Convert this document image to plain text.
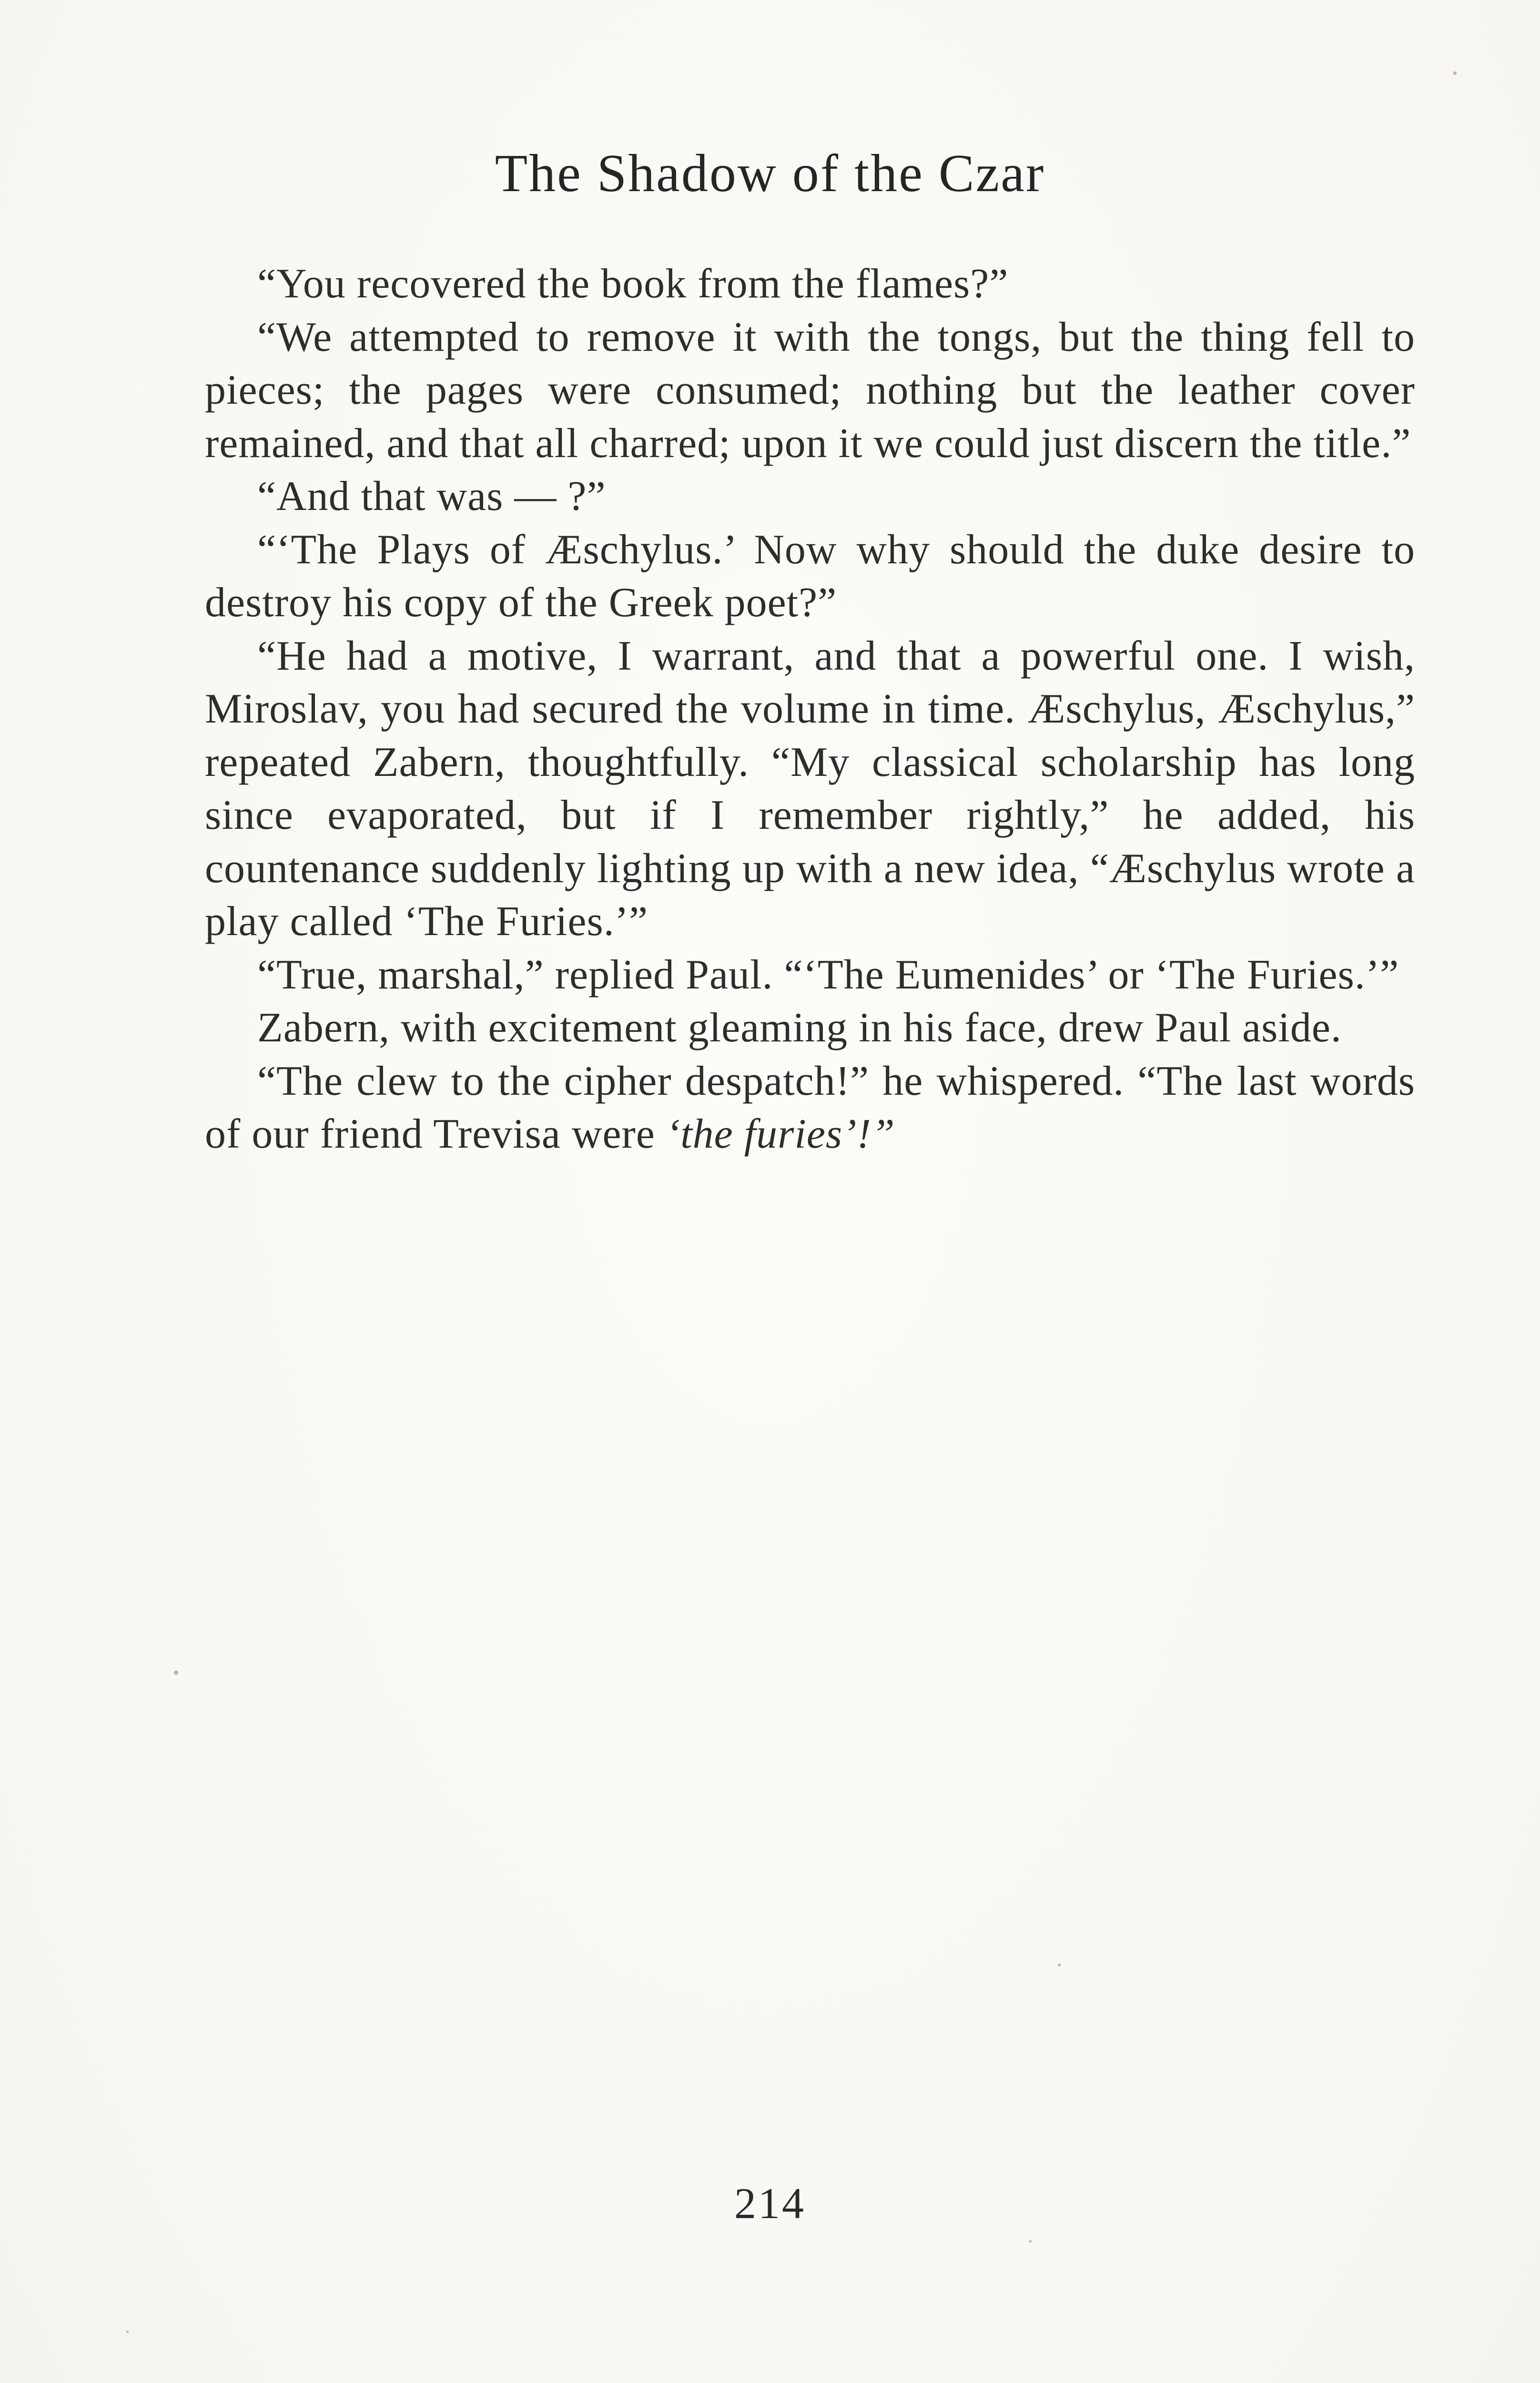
The Shadow of the Czar

“You recovered the book from the flames?”

“We attempted to remove it with the tongs, but the thing fell to pieces; the pages were consumed; nothing but the leather cover remained, and that all charred; upon it we could just discern the title.”

“And that was — ?”

“‘The Plays of Æschylus.’ Now why should the duke desire to destroy his copy of the Greek poet?”

“He had a motive, I warrant, and that a powerful one. I wish, Miroslav, you had secured the volume in time. Æschylus, Æschylus,” repeated Zabern, thoughtfully. “My classical scholarship has long since evaporated, but if I remember rightly,” he added, his countenance suddenly lighting up with a new idea, “Æschylus wrote a play called ‘The Furies.’”

“True, marshal,” replied Paul. “‘The Eumenides’ or ‘The Furies.’”

Zabern, with excitement gleaming in his face, drew Paul aside.

“The clew to the cipher despatch!” he whispered. “The last words of our friend Trevisa were ‘the furies’!”

214
